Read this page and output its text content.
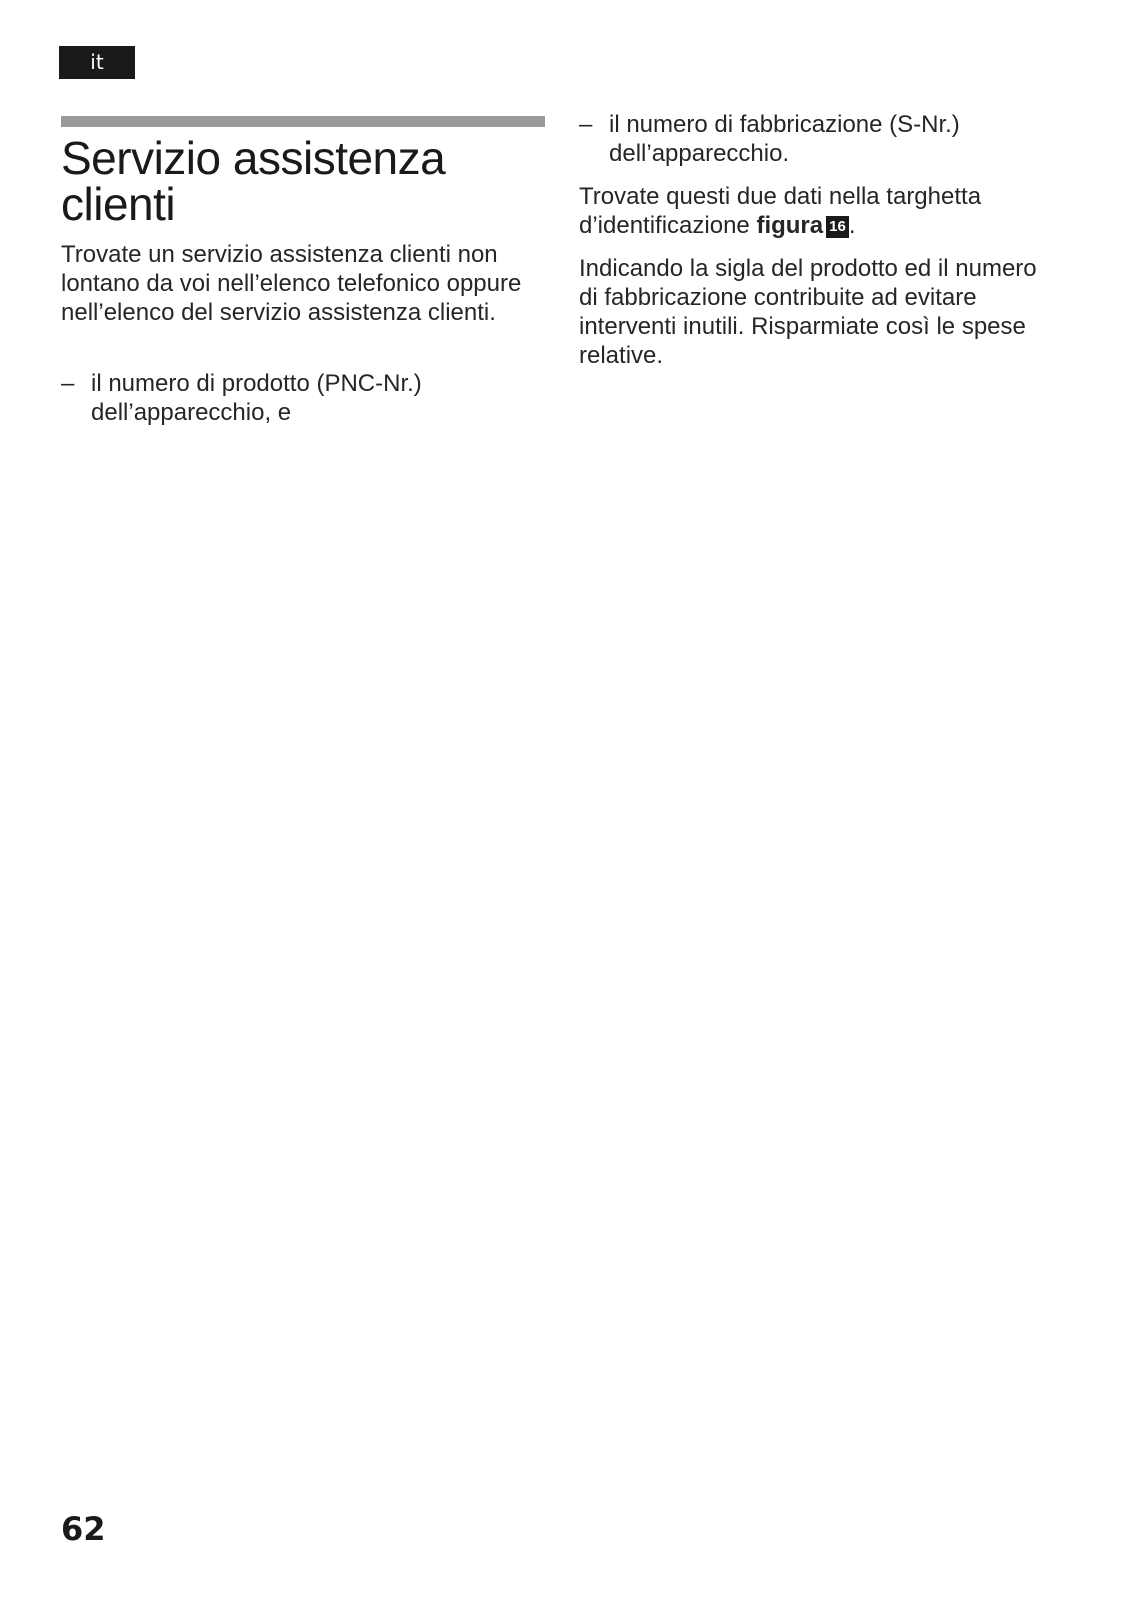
it
Servizio assistenza clienti

Trovate un servizio assistenza clienti non lontano da voi nell’elenco telefonico oppure nell’elenco del servizio assistenza clienti.

– il numero di prodotto (PNC-Nr.) dell’apparecchio, e
– il numero di fabbricazione (S-Nr.) dell’apparecchio.

Trovate questi due dati nella targhetta d’identificazione figura 16 .

Indicando la sigla del prodotto ed il numero di fabbricazione contribuite ad evitare interventi inutili. Risparmiate così le spese relative.

62
